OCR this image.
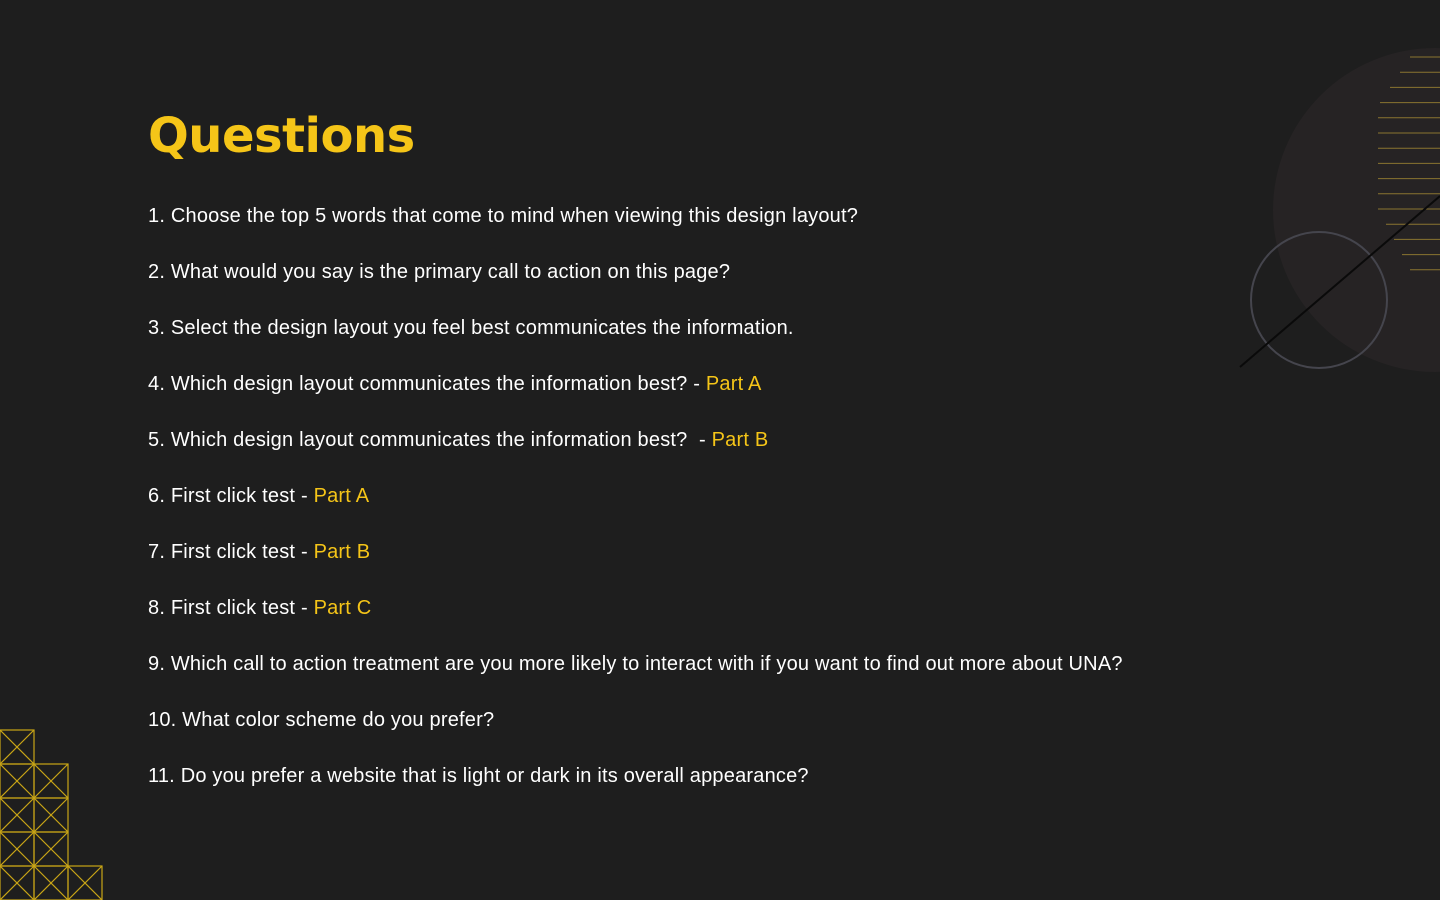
Questions
1. Choose the top 5 words that come to mind when viewing this design layout?
2. What would you say is the primary call to action on this page?
3. Select the design layout you feel best communicates the information.
4. Which design layout communicates the information best? - Part A
5. Which design layout communicates the information best?  - Part B
6. First click test - Part A
7. First click test - Part B
8. First click test - Part C
9. Which call to action treatment are you more likely to interact with if you want to find out more about UNA?
10. What color scheme do you prefer?
11. Do you prefer a website that is light or dark in its overall appearance?
